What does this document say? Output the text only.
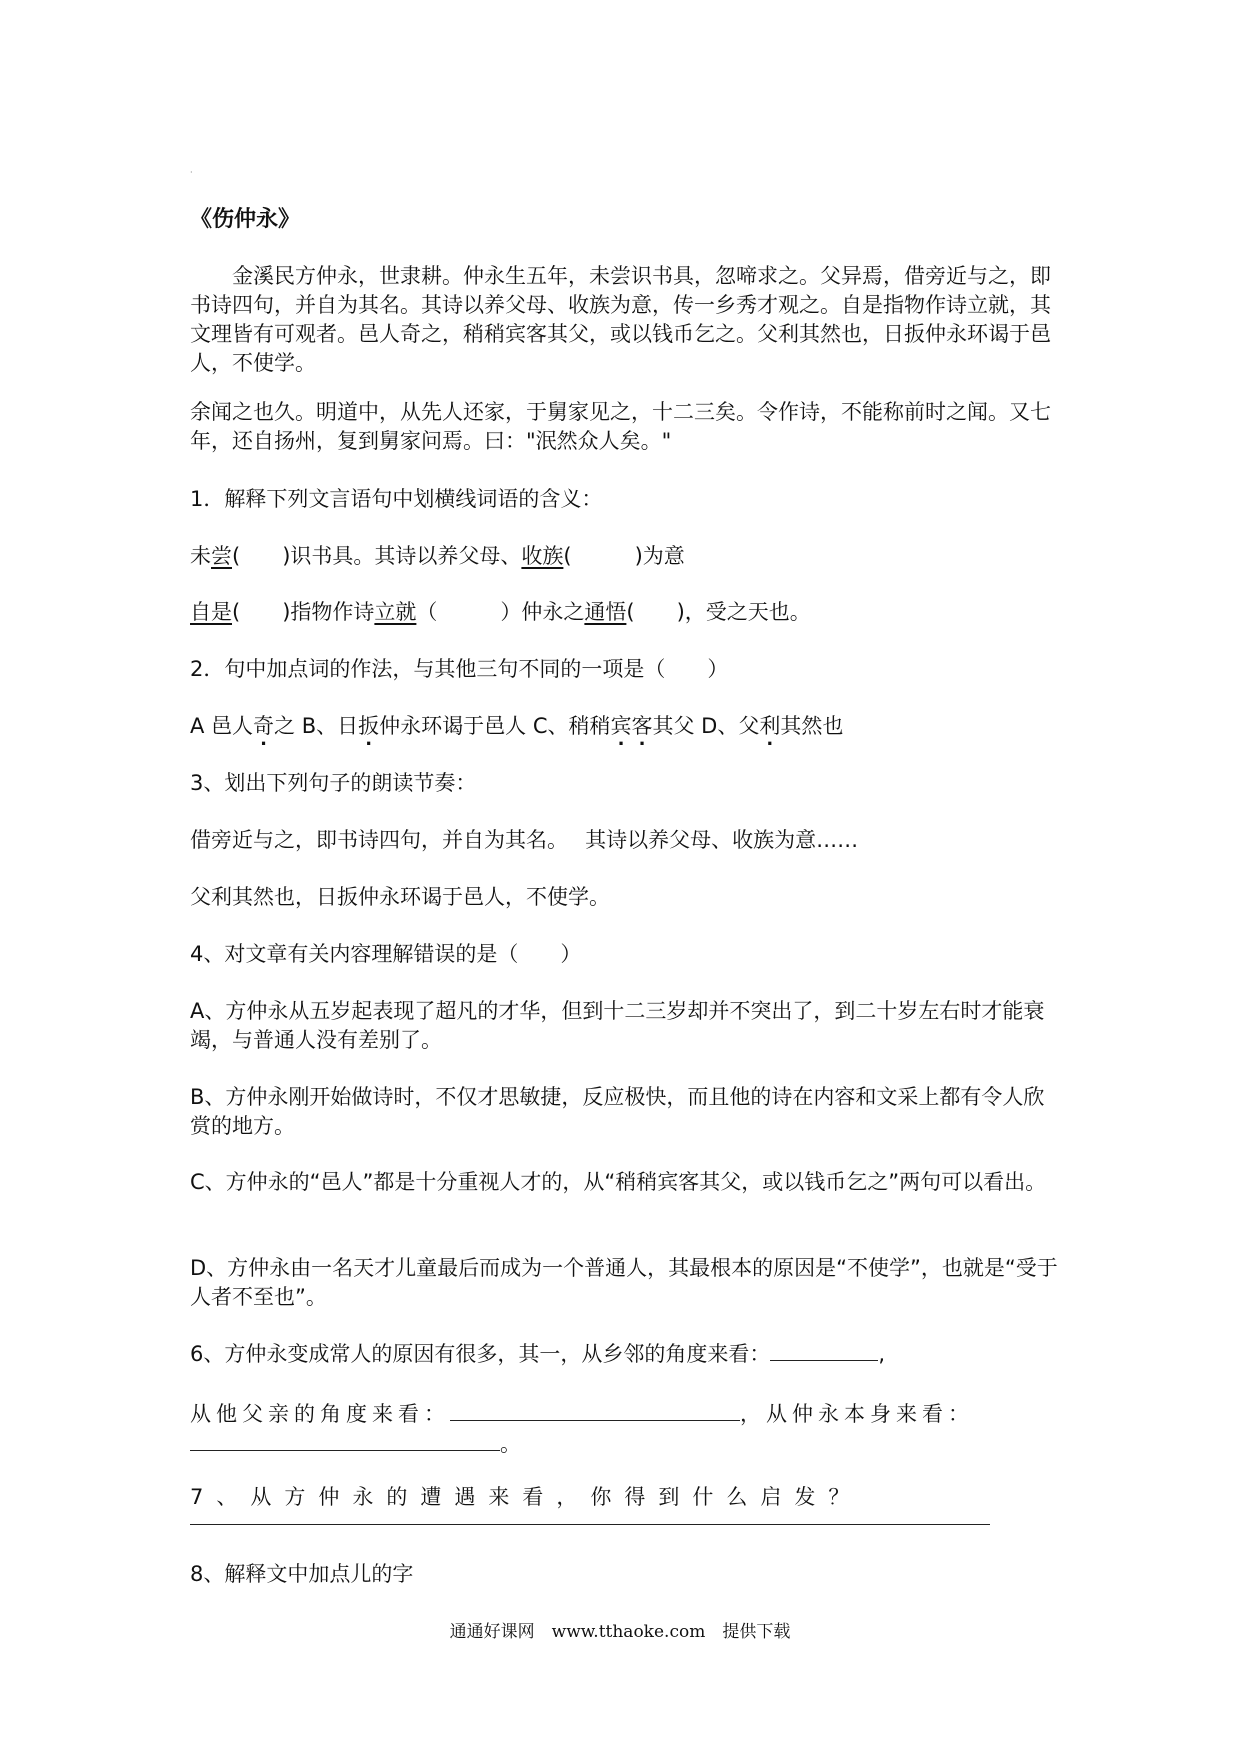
·
《伤仲永》
金溪民方仲永，世隶耕。仲永生五年，未尝识书具，忽啼求之。父异焉，借旁近与之，即书诗四句，并自为其名。其诗以养父母、收族为意，传一乡秀才观之。自是指物作诗立就，其文理皆有可观者。邑人奇之，稍稍宾客其父，或以钱币乞之。父利其然也，日扳仲永环谒于邑人，不使学。
余闻之也久。明道中，从先人还家，于舅家见之，十二三矣。令作诗，不能称前时之闻。又七年，还自扬州，复到舅家问焉。曰："泯然众人矣。"
1．解释下列文言语句中划横线词语的含义：
未尝(　　)识书具。其诗以养父母、收族(　　　)为意
自是(　　)指物作诗立就（　　　）仲永之通悟(　　)，受之天也。
2．句中加点词的作法，与其他三句不同的一项是（　　）
A 邑人奇之 B、日扳仲永环谒于邑人 C、稍稍宾客其父 D、父利其然也
3、划出下列句子的朗读节奏：
借旁近与之，即书诗四句，并自为其名。　 其诗以养父母、收族为意……
父利其然也，日扳仲永环谒于邑人，不使学。
4、对文章有关内容理解错误的是（　　）
A、方仲永从五岁起表现了超凡的才华，但到十二三岁却并不突出了，到二十岁左右时才能衰竭，与普通人没有差别了。
B、方仲永刚开始做诗时，不仅才思敏捷，反应极快，而且他的诗在内容和文采上都有令人欣赏的地方。
C、方仲永的“邑人”都是十分重视人才的，从“稍稍宾客其父，或以钱币乞之”两句可以看出。
D、方仲永由一名天才儿童最后而成为一个普通人，其最根本的原因是“不使学”，也就是“受于人者不至也”。
6、方仲永变成常人的原因有很多，其一，从乡邻的角度来看：	,
从他父亲的角度来看：	，从仲永本身来看：
。
7、从方仲永的遭遇来看，你得到什么启发？
8、解释文中加点儿的字
通通好课网　www.tthaoke.com　提供下载
